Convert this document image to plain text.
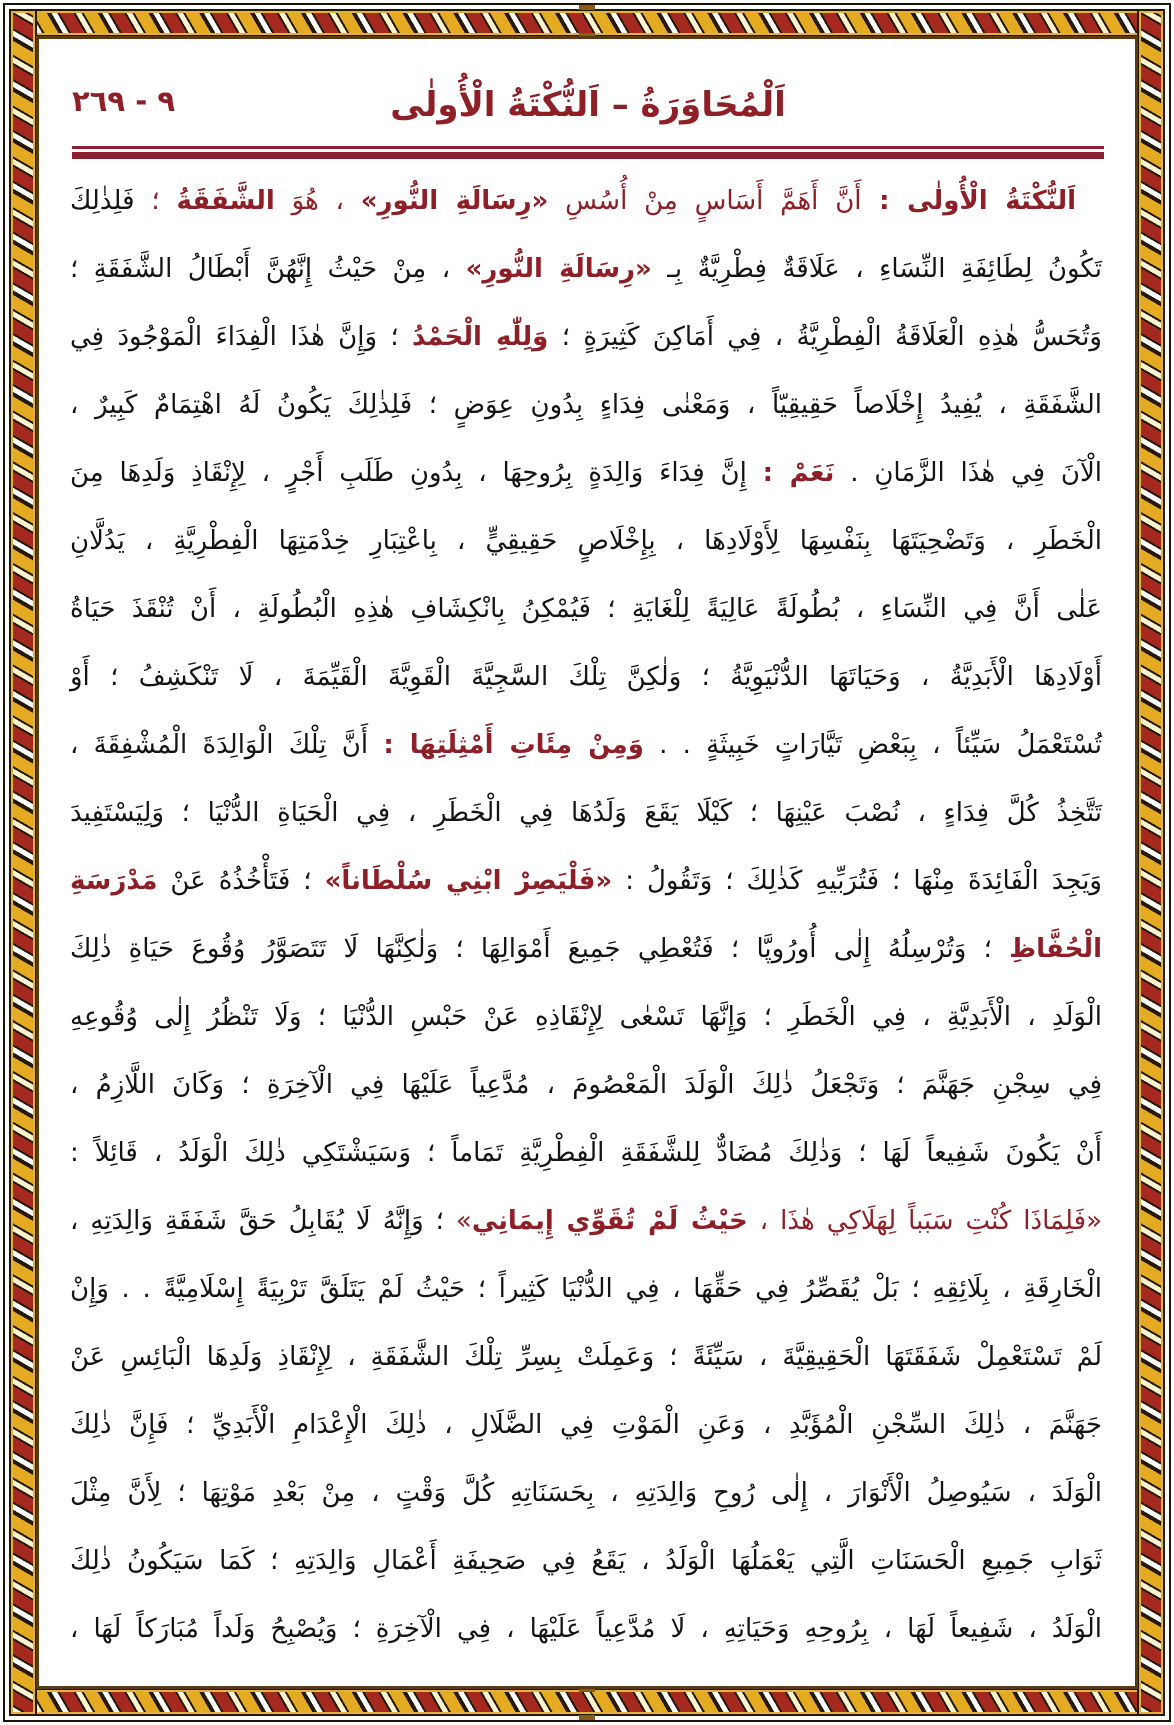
٩ - ٢٦٩	اَلْمُحَاوَرَةُ – اَلنُّكْتَةُ الْأُولٰى
اَلنُّكْتَةُ الْأُولٰى : أَنَّ أَهَمَّ أَسَاسٍ مِنْ أُسُسِ «رِسَالَةِ النُّورِ» ، هُوَ الشَّفَقَةُ ؛ فَلِذٰلِكَ
تَكُونُ لِطَائِفَةِ النِّسَاءِ ، عَلَاقَةٌ فِطْرِيَّةٌ بِـ «رِسَالَةِ النُّورِ» ، مِنْ حَيْثُ إِنَّهُنَّ أَبْطَالُ الشَّفَقَةِ ؛
وَتُحَسُّ هٰذِهِ الْعَلَاقَةُ الْفِطْرِيَّةُ ، فِي أَمَاكِنَ كَثِيرَةٍ ؛ وَلِلّٰهِ الْحَمْدُ ؛ وَإِنَّ هٰذَا الْفِدَاءَ الْمَوْجُودَ فِي
الشَّفَقَةِ ، يُفِيدُ إِخْلَاصاً حَقِيقِيّاً ، وَمَعْنٰى فِدَاءٍ بِدُونِ عِوَضٍ ؛ فَلِذٰلِكَ يَكُونُ لَهُ اهْتِمَامٌ كَبِيرٌ ،
الْآنَ فِي هٰذَا الزَّمَانِ . نَعَمْ : إِنَّ فِدَاءَ وَالِدَةٍ بِرُوحِهَا ، بِدُونِ طَلَبِ أَجْرٍ ، لِإِنْقَاذِ وَلَدِهَا مِنَ
الْخَطَرِ ، وَتَضْحِيَتَهَا بِنَفْسِهَا لِأَوْلَادِهَا ، بِإِخْلَاصٍ حَقِيقِيٍّ ، بِاعْتِبَارِ خِدْمَتِهَا الْفِطْرِيَّةِ ، يَدُلَّانِ
عَلٰى أَنَّ فِي النِّسَاءِ ، بُطُولَةً عَالِيَةً لِلْغَايَةِ ؛ فَيُمْكِنُ بِانْكِشَافِ هٰذِهِ الْبُطُولَةِ ، أَنْ تُنْقَذَ حَيَاةُ
أَوْلَادِهَا الْأَبَدِيَّةُ ، وَحَيَاتَهَا الدُّنْيَوِيَّةُ ؛ وَلٰكِنَّ تِلْكَ السَّجِيَّةَ الْقَوِيَّةَ الْقَيِّمَةَ ، لَا تَنْكَشِفُ ؛ أَوْ
تُسْتَعْمَلُ سَيِّئاً ، بِبَعْضِ تَيَّارَاتٍ خَبِيثَةٍ . . وَمِنْ مِئَاتِ أَمْثِلَتِهَا : أَنَّ تِلْكَ الْوَالِدَةَ الْمُشْفِقَةَ ،
تَتَّخِذُ كُلَّ فِدَاءٍ ، نُصْبَ عَيْنِهَا ؛ كَيْلَا يَقَعَ وَلَدُهَا فِي الْخَطَرِ ، فِي الْحَيَاةِ الدُّنْيَا ؛ وَلِيَسْتَفِيدَ
وَيَجِدَ الْفَائِدَةَ مِنْهَا ؛ فَتُرَبِّيهِ كَذٰلِكَ ؛ وَتَقُولُ : «فَلْيَصِرْ ابْنِي سُلْطَاناً» ؛ فَتَأْخُذُهُ عَنْ مَدْرَسَةِ
الْحُفَّاظِ ؛ وَتُرْسِلُهُ إِلٰى أُورُوپَّا ؛ فَتُعْطِي جَمِيعَ أَمْوَالِهَا ؛ وَلٰكِنَّهَا لَا تَتَصَوَّرُ وُقُوعَ حَيَاةِ ذٰلِكَ
الْوَلَدِ ، الْأَبَدِيَّةِ ، فِي الْخَطَرِ ؛ وَإِنَّهَا تَسْعٰى لِإِنْقَاذِهِ عَنْ حَبْسِ الدُّنْيَا ؛ وَلَا تَنْظُرُ إِلٰى وُقُوعِهِ
فِي سِجْنِ جَهَنَّمَ ؛ وَتَجْعَلُ ذٰلِكَ الْوَلَدَ الْمَعْصُومَ ، مُدَّعِياً عَلَيْهَا فِي الْآخِرَةِ ؛ وَكَانَ اللَّازِمُ ،
أَنْ يَكُونَ شَفِيعاً لَهَا ؛ وَذٰلِكَ مُضَادٌّ لِلشَّفَقَةِ الْفِطْرِيَّةِ تَمَاماً ؛ وَسَيَشْتَكِي ذٰلِكَ الْوَلَدُ ، قَائِلاً :
«فَلِمَاذَا كُنْتِ سَبَباً لِهَلَاكِي هٰذَا ، حَيْثُ لَمْ تُقَوِّي إِيمَانِي» ؛ وَإِنَّهُ لَا يُقَابِلُ حَقَّ شَفَقَةِ وَالِدَتِهِ ،
الْخَارِقَةِ ، بِلَائِقِهِ ؛ بَلْ يُقَصِّرُ فِي حَقِّهَا ، فِي الدُّنْيَا كَثِيراً ؛ حَيْثُ لَمْ يَتَلَقَّ تَرْبِيَةً إِسْلَامِيَّةً . . وَإِنْ
لَمْ تَسْتَعْمِلْ شَفَقَتَهَا الْحَقِيقِيَّةَ ، سَيِّئَةً ؛ وَعَمِلَتْ بِسِرِّ تِلْكَ الشَّفَقَةِ ، لِإِنْقَاذِ وَلَدِهَا الْبَائِسِ عَنْ
جَهَنَّمَ ، ذٰلِكَ السِّجْنِ الْمُؤَبَّدِ ، وَعَنِ الْمَوْتِ فِي الضَّلَالِ ، ذٰلِكَ الْإِعْدَامِ الْأَبَدِيِّ ؛ فَإِنَّ ذٰلِكَ
الْوَلَدَ ، سَيُوصِلُ الْأَنْوَارَ ، إِلٰى رُوحِ وَالِدَتِهِ ، بِحَسَنَاتِهِ كُلَّ وَقْتٍ ، مِنْ بَعْدِ مَوْتِهَا ؛ لِأَنَّ مِثْلَ
ثَوَابِ جَمِيعِ الْحَسَنَاتِ الَّتِي يَعْمَلُهَا الْوَلَدُ ، يَقَعُ فِي صَحِيفَةِ أَعْمَالِ وَالِدَتِهِ ؛ كَمَا سَيَكُونُ ذٰلِكَ
الْوَلَدُ ، شَفِيعاً لَهَا ، بِرُوحِهِ وَحَيَاتِهِ ، لَا مُدَّعِياً عَلَيْهَا ، فِي الْآخِرَةِ ؛ وَيُصْبِحُ وَلَداً مُبَارَكاً لَهَا ،
